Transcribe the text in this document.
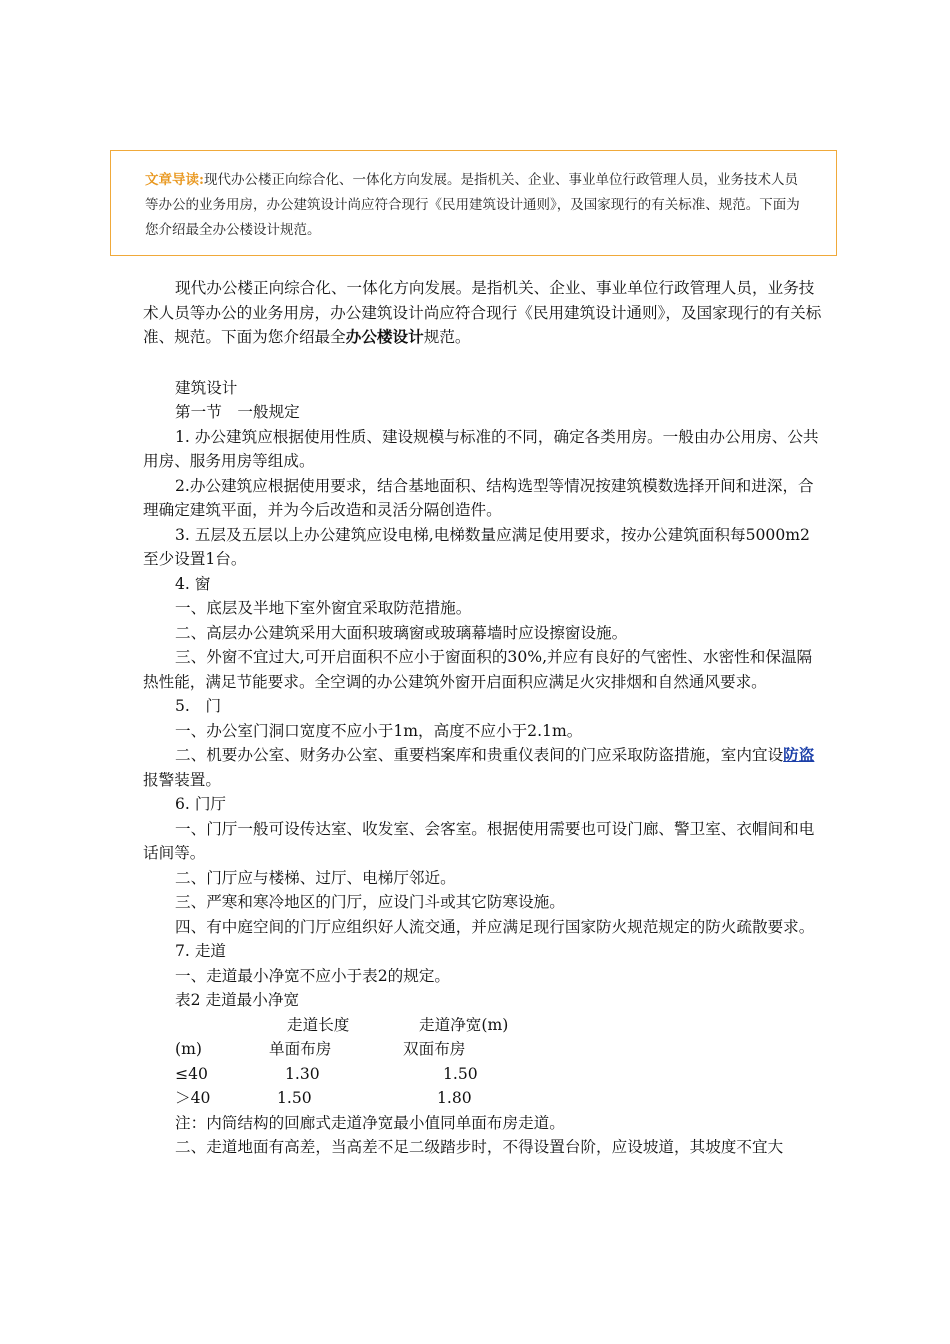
文章导读:现代办公楼正向综合化、一体化方向发展。是指机关、企业、事业单位行政管理人员，业务技术人员等办公的业务用房，办公建筑设计尚应符合现行《民用建筑设计通则》，及国家现行的有关标准、规范。下面为您介绍最全办公楼设计规范。

现代办公楼正向综合化、一体化方向发展。是指机关、企业、事业单位行政管理人员，业务技术人员等办公的业务用房，办公建筑设计尚应符合现行《民用建筑设计通则》，及国家现行的有关标准、规范。下面为您介绍最全办公楼设计规范。

建筑设计

第一节　一般规定

1. 办公建筑应根据使用性质、建设规模与标准的不同，确定各类用房。一般由办公用房、公共用房、服务用房等组成。

2.办公建筑应根据使用要求，结合基地面积、结构选型等情况按建筑模数选择开间和进深，合理确定建筑平面，并为今后改造和灵活分隔创造件。

3. 五层及五层以上办公建筑应设电梯,电梯数量应满足使用要求，按办公建筑面积每5000m2至少设置1台。

4. 窗

一、底层及半地下室外窗宜采取防范措施。

二、高层办公建筑采用大面积玻璃窗或玻璃幕墙时应设擦窗设施。

三、外窗不宜过大,可开启面积不应小于窗面积的30%,并应有良好的气密性、水密性和保温隔热性能，满足节能要求。全空调的办公建筑外窗开启面积应满足火灾排烟和自然通风要求。

5.　门

一、办公室门洞口宽度不应小于1m，高度不应小于2.1m。

二、机要办公室、财务办公室、重要档案库和贵重仪表间的门应采取防盗措施，室内宜设防盗报警装置。

6. 门厅

一、门厅一般可设传达室、收发室、会客室。根据使用需要也可设门廊、警卫室、衣帽间和电话间等。

二、门厅应与楼梯、过厅、电梯厅邻近。

三、严寒和寒冷地区的门厅，应设门斗或其它防寒设施。

四、有中庭空间的门厅应组织好人流交通，并应满足现行国家防火规范规定的防火疏散要求。

7. 走道

一、走道最小净宽不应小于表2的规定。

表2 走道最小净宽

走道长度	走道净宽(m)
(m)	单面布房	双面布房
≤40	1.30	1.50
＞40	1.50	1.80

注：内筒结构的回廊式走道净宽最小值同单面布房走道。

二、走道地面有高差，当高差不足二级踏步时，不得设置台阶，应设坡道，其坡度不宜大
